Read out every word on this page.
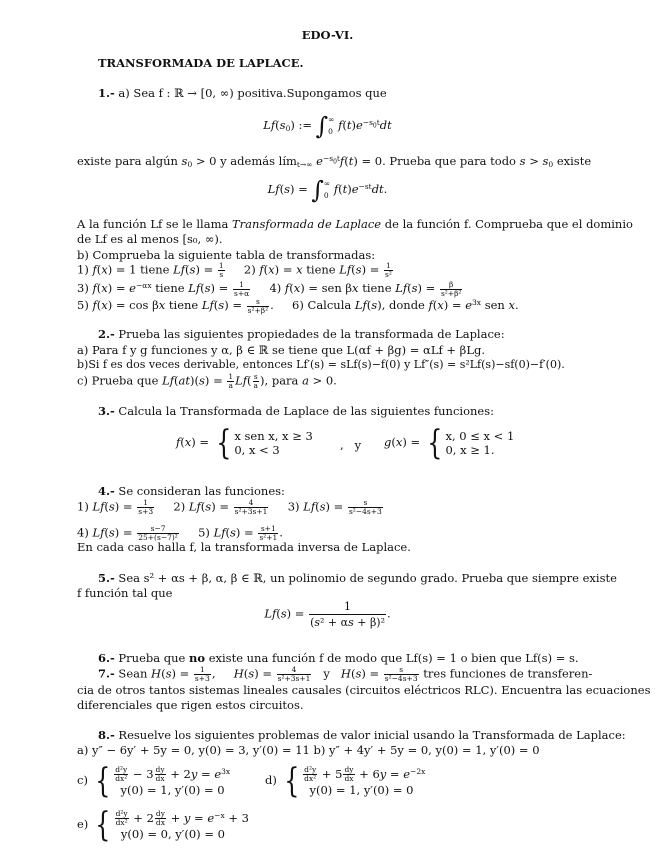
EDO-VI.
TRANSFORMADA DE LAPLACE.
1.- a) Sea f : ℝ → [0, ∞) positiva.Supongamos que
$Lf(s_0)$ := ∫∞
0 $f(t)e^{-s_0t}dt$
existe para algún $s_0 > 0$ y además lím$_{t\to\infty}$ $e^{-s_0t}f(t) = 0$. Prueba que para todo $s > s_0$ existe
Lf(s) = ∫∞
0 $f(t)e^{-st}dt$.
A la función Lf se le llama Transformada de Laplace de la función f. Comprueba que el dominio
de Lf es al menos [s₀, ∞).
b) Comprueba la siguiente tabla de transformadas:
1) f(x) = 1 tiene $Lf(s) = \frac{1}{s} 2$) f(x) = x tiene $Lf(s) = \frac{1}{\text{s²}}$
3) $f(x) = e^{-\alpha x}$ tiene $Lf(s) = \frac{1}{s+\alpha} 4$) f(x) = sen βx tiene $Lf(s) = \frac{\beta}{\text{s²+β²}}$
5) f(x) = cos βx tiene $Lf(s) = \frac{s}{\text{s²+β²}}$ .     6) Calcula Lf(s), donde $f(x) = e^{3x}$ sen x.
2.- Prueba las siguientes propiedades de la transformada de Laplace:
a) Para f y g funciones y α, β ∈ ℝ se tiene que L(αf + βg) = αLf + βLg.
b)Si f es dos veces derivable, entonces Lf′(s) = sLf(s)−f(0) y Lf″(s) = s²Lf(s)−sf(0)−f′(0).
c) Prueba que $Lf(at)(s) = \frac{1}{a} Lf( \frac{s}{a}$ ), para a > 0.
3.- Calcula la Transformada de Laplace de las siguientes funciones:
f(x) = { x sen x, x ≥ 3
0, x < 3	,   y g(x) = { x, 0 ≤ x < 1
0, x ≥ 1.
4.- Se consideran las funciones:
1) $Lf(s) = \frac{1}{s+3} 2$) $Lf(s) = \frac{4}{\text{s²+3s+1}} 3$) $Lf(s) = \frac{s}{\text{s²−4s+3}}$
4) $Lf(s) = \frac{s-7}{\text{25+(s−7)²}} 5$) $Lf(s) = \frac{s+1}{\text{s²+1}}$ .
En cada caso halla f, la transformada inversa de Laplace.
5.- Sea s² + αs + β, α, β ∈ ℝ, un polinomio de segundo grado. Prueba que siempre existe
f función tal que
$Lf(s) = \frac{1}{\text{(s² + αs + β)²}}$ .
6.- Prueba que no existe una función f de modo que Lf(s) = 1 o bien que Lf(s) = s.
7.- Sean $H(s) = \frac{1}{s+3}$ ,     $H(s) = \frac{4}{\text{s²+3s+1}}$ y   $H(s) = \frac{s}{\text{s²−4s+3}}$ tres funciones de transferen-
cia de otros tantos sistemas lineales causales (circuitos eléctricos RLC). Encuentra las ecuaciones
diferenciales que rigen estos circuitos.
8.- Resuelve los siguientes problemas de valor inicial usando la Transformada de Laplace:
a) y″ − 6y′ + 5y = 0, y(0) = 3, y′(0) = 11 b) y″ + 4y′ + 5y = 0, y(0) = 1, y′(0) = 0
c) { $\frac{\text{d²y}}{\text{dx²}} - 3 \frac{dy}{dx} + 2y = e^{3x}$
y(0) = 1, y′(0) = 0
d) { $\frac{\text{d²y}}{\text{dx²}} + 5 \frac{dy}{dx} + 6y = e^{-2x}$
y(0) = 1, y′(0) = 0
e) { $\frac{\text{d²y}}{\text{dx²}} + 2 \frac{dy}{dx} + y = e^{-x} + 3$
y(0) = 0, y′(0) = 0
